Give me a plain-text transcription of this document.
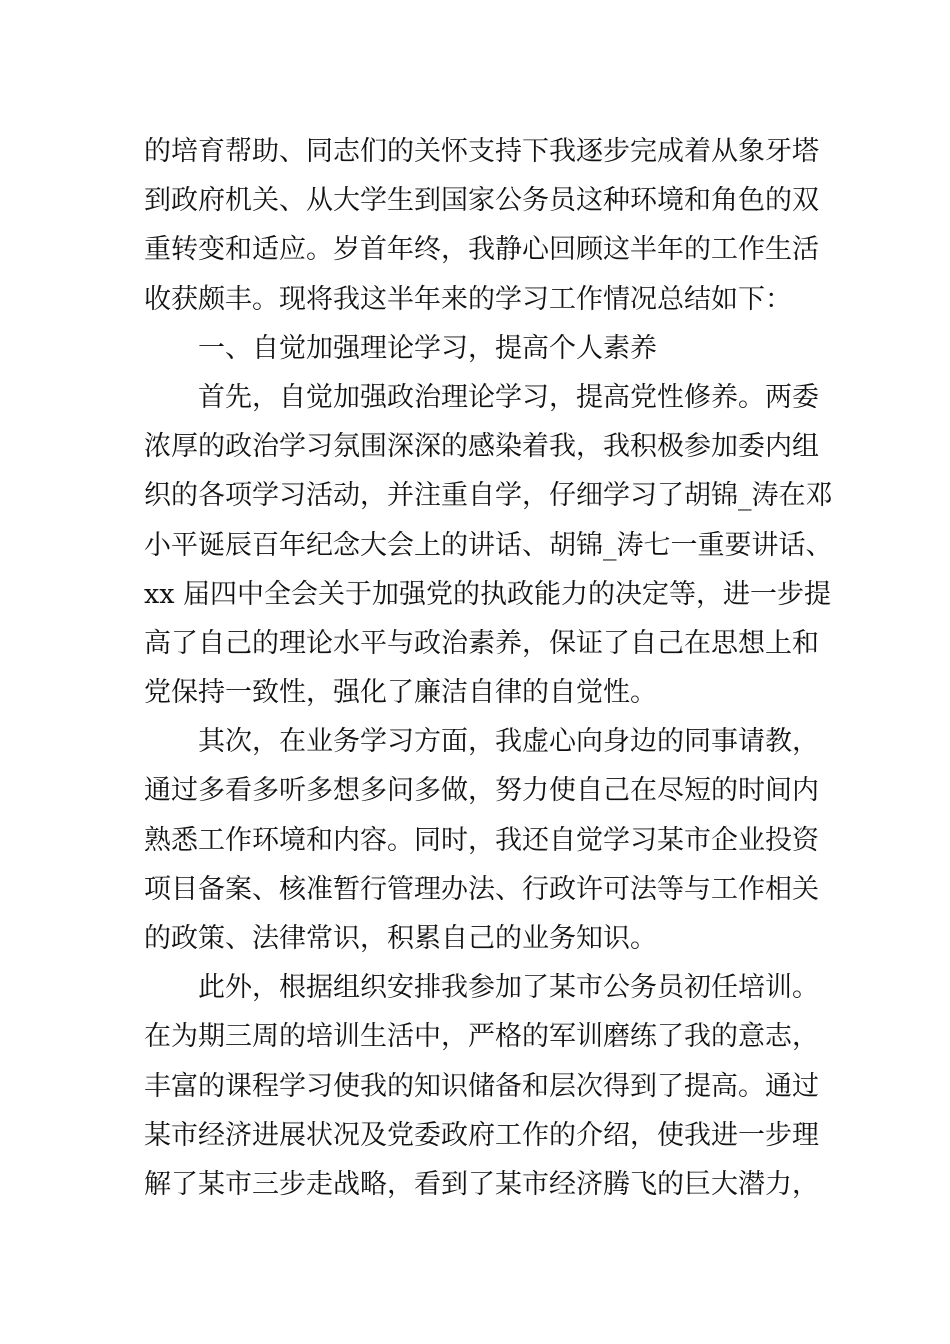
的培育帮助、同志们的关怀支持下我逐步完成着从象牙塔
到政府机关、从大学生到国家公务员这种环境和角色的双
重转变和适应。岁首年终，我静心回顾这半年的工作生活
收获颇丰。现将我这半年来的学习工作情况总结如下：
一、自觉加强理论学习，提高个人素养
首先，自觉加强政治理论学习，提高党性修养。两委
浓厚的政治学习氛围深深的感染着我，我积极参加委内组
织的各项学习活动，并注重自学，仔细学习了胡锦_涛在邓
小平诞辰百年纪念大会上的讲话、胡锦_涛七一重要讲话、
xx 届四中全会关于加强党的执政能力的决定等，进一步提
高了自己的理论水平与政治素养，保证了自己在思想上和
党保持一致性，强化了廉洁自律的自觉性。
其次，在业务学习方面，我虚心向身边的同事请教，
通过多看多听多想多问多做，努力使自己在尽短的时间内
熟悉工作环境和内容。同时，我还自觉学习某市企业投资
项目备案、核准暂行管理办法、行政许可法等与工作相关
的政策、法律常识，积累自己的业务知识。
此外，根据组织安排我参加了某市公务员初任培训。
在为期三周的培训生活中，严格的军训磨练了我的意志，
丰富的课程学习使我的知识储备和层次得到了提高。通过
某市经济进展状况及党委政府工作的介绍，使我进一步理
解了某市三步走战略，看到了某市经济腾飞的巨大潜力，
